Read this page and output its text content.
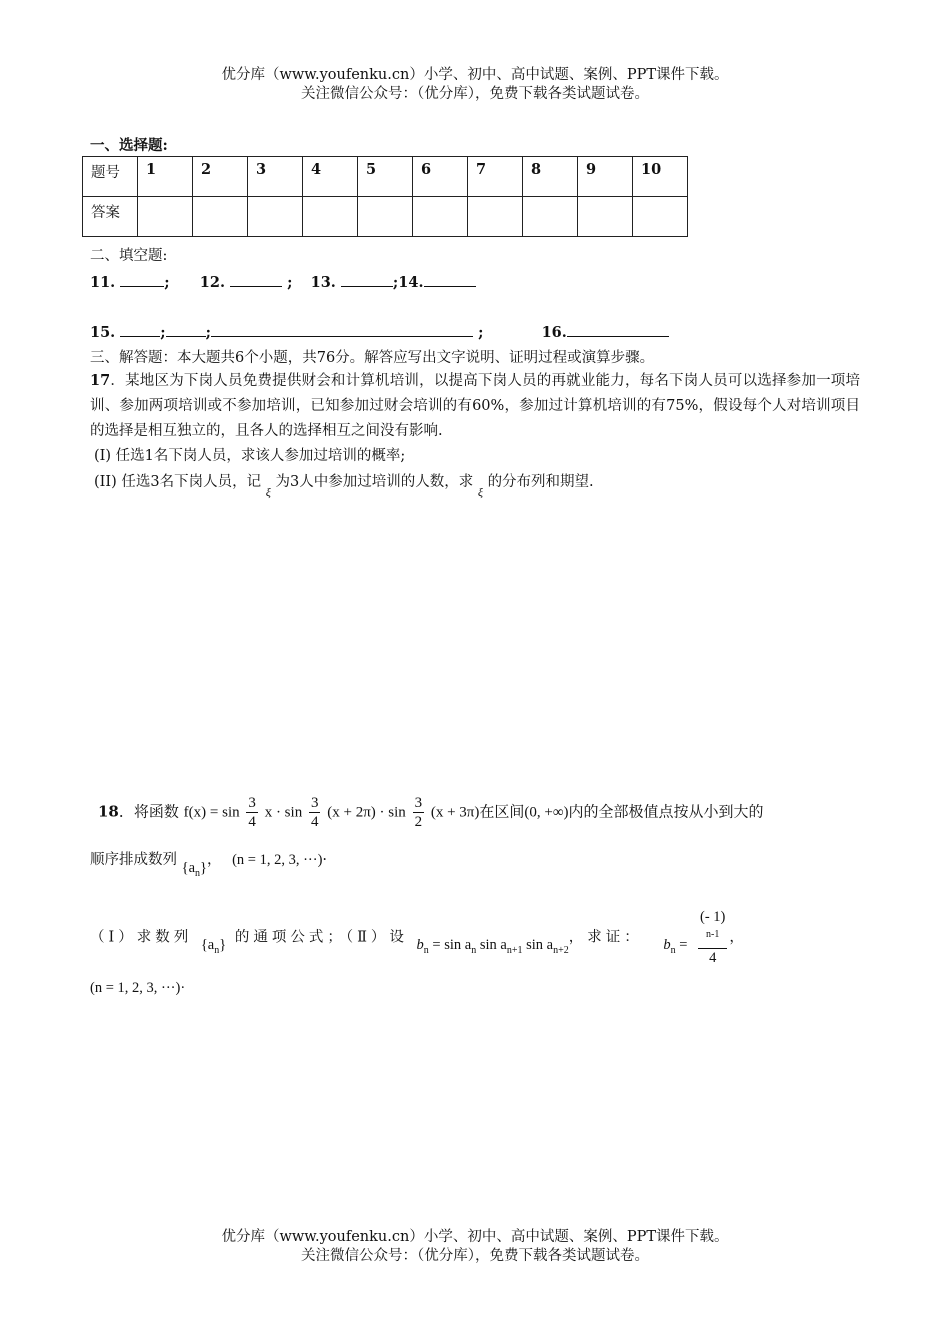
优分库（www.youfenku.cn）小学、初中、高中试题、案例、PPT课件下载。
关注微信公众号：（优分库），免费下载各类试题试卷。
一、选择题:
题号	1	2	3	4	5	6	7	8	9	10
答案										
二、填空题:
11.	; 12.	; 13.	;14.
15.	;	;	;	16.
三、解答题：本大题共6个小题，共76分。解答应写出文字说明、证明过程或演算步骤。
17．某地区为下岗人员免费提供财会和计算机培训，以提高下岗人员的再就业能力，每名下岗人员可以选择参加一项培训、参加两项培训或不参加培训，已知参加过财会培训的有60%，参加过计算机培训的有75%，假设每个人对培训项目的选择是相互独立的，且各人的选择相互之间没有影响.
(I) 任选1名下岗人员，求该人参加过培训的概率;
(II) 任选3名下岗人员，记 $_\xi$ 为3人中参加过培训的人数，求 $_\xi$ 的分布列和期望.
18．将函数 $f(x) = \sin \frac{3}{4}$ $x \cdot \sin \frac{3}{4} (x + 2\pi) \cdot \sin \frac{3}{2} (x + 3\pi)$在区间(0, +∞)内的全部极值点按从小到大的
顺序排成数列 $\{a_n\}$， (n = 1, 2, 3, ···)·
（Ⅰ）求数列 $\{a_n\}$ 的通项公式；（Ⅱ）设 $b_n = \sin a_n$ $\sin a_{n+1}$ $\sin a_{n+2}$，求证： $b_n$ = (- 1)
$^{n-1}$
4 ，
(n = 1, 2, 3, ···)·
优分库（www.youfenku.cn）小学、初中、高中试题、案例、PPT课件下载。
关注微信公众号：（优分库），免费下载各类试题试卷。
